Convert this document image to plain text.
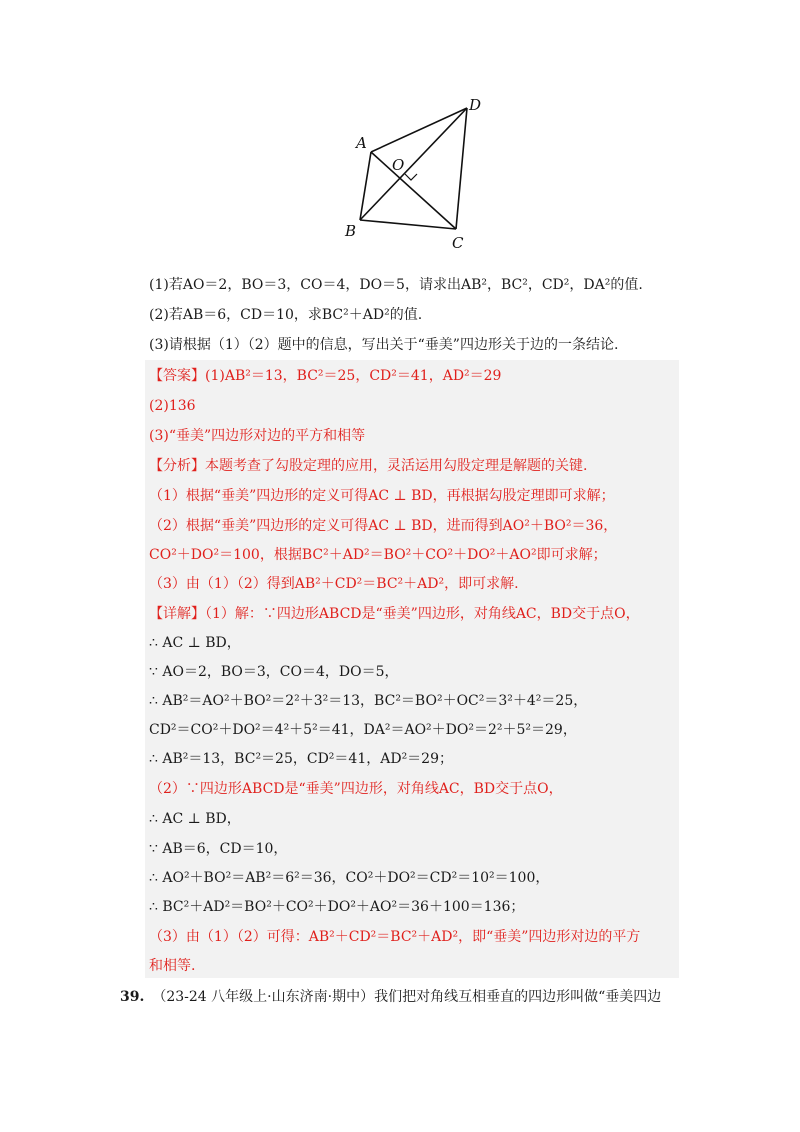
A
D
B
C
O
(1)若AO＝2，BO＝3，CO＝4，DO＝5，请求出AB²，BC²，CD²，DA²的值.
(2)若AB＝6，CD＝10，求BC²＋AD²的值.
(3)请根据（1）（2）题中的信息，写出关于“垂美”四边形关于边的一条结论.
【答案】(1)AB²＝13，BC²＝25，CD²＝41，AD²＝29
(2)136
(3)“垂美”四边形对边的平方和相等
【分析】本题考查了勾股定理的应用，灵活运用勾股定理是解题的关键.
（1）根据“垂美”四边形的定义可得AC ⊥ BD，再根据勾股定理即可求解；
（2）根据“垂美”四边形的定义可得AC ⊥ BD，进而得到AO²＋BO²＝36，
CO²＋DO²＝100，根据BC²＋AD²＝BO²＋CO²＋DO²＋AO²即可求解；
（3）由（1）（2）得到AB²＋CD²＝BC²＋AD²，即可求解.
【详解】（1）解：∵四边形ABCD是“垂美”四边形，对角线AC，BD交于点O，
∴ AC ⊥ BD，
∵ AO＝2，BO＝3，CO＝4，DO＝5，
∴ AB²＝AO²＋BO²＝2²＋3²＝13，BC²＝BO²＋OC²＝3²＋4²＝25，
CD²＝CO²＋DO²＝4²＋5²＝41，DA²＝AO²＋DO²＝2²＋5²＝29，
∴ AB²＝13，BC²＝25，CD²＝41，AD²＝29；
（2）∵四边形ABCD是“垂美”四边形，对角线AC，BD交于点O，
∴ AC ⊥ BD，
∵ AB＝6，CD＝10，
∴ AO²＋BO²＝AB²＝6²＝36，CO²＋DO²＝CD²＝10²＝100，
∴ BC²＋AD²＝BO²＋CO²＋DO²＋AO²＝36＋100＝136；
（3）由（1）（2）可得：AB²＋CD²＝BC²＋AD²，即“垂美”四边形对边的平方
和相等.
39. （23-24 八年级上·山东济南·期中）我们把对角线互相垂直的四边形叫做“垂美四边
